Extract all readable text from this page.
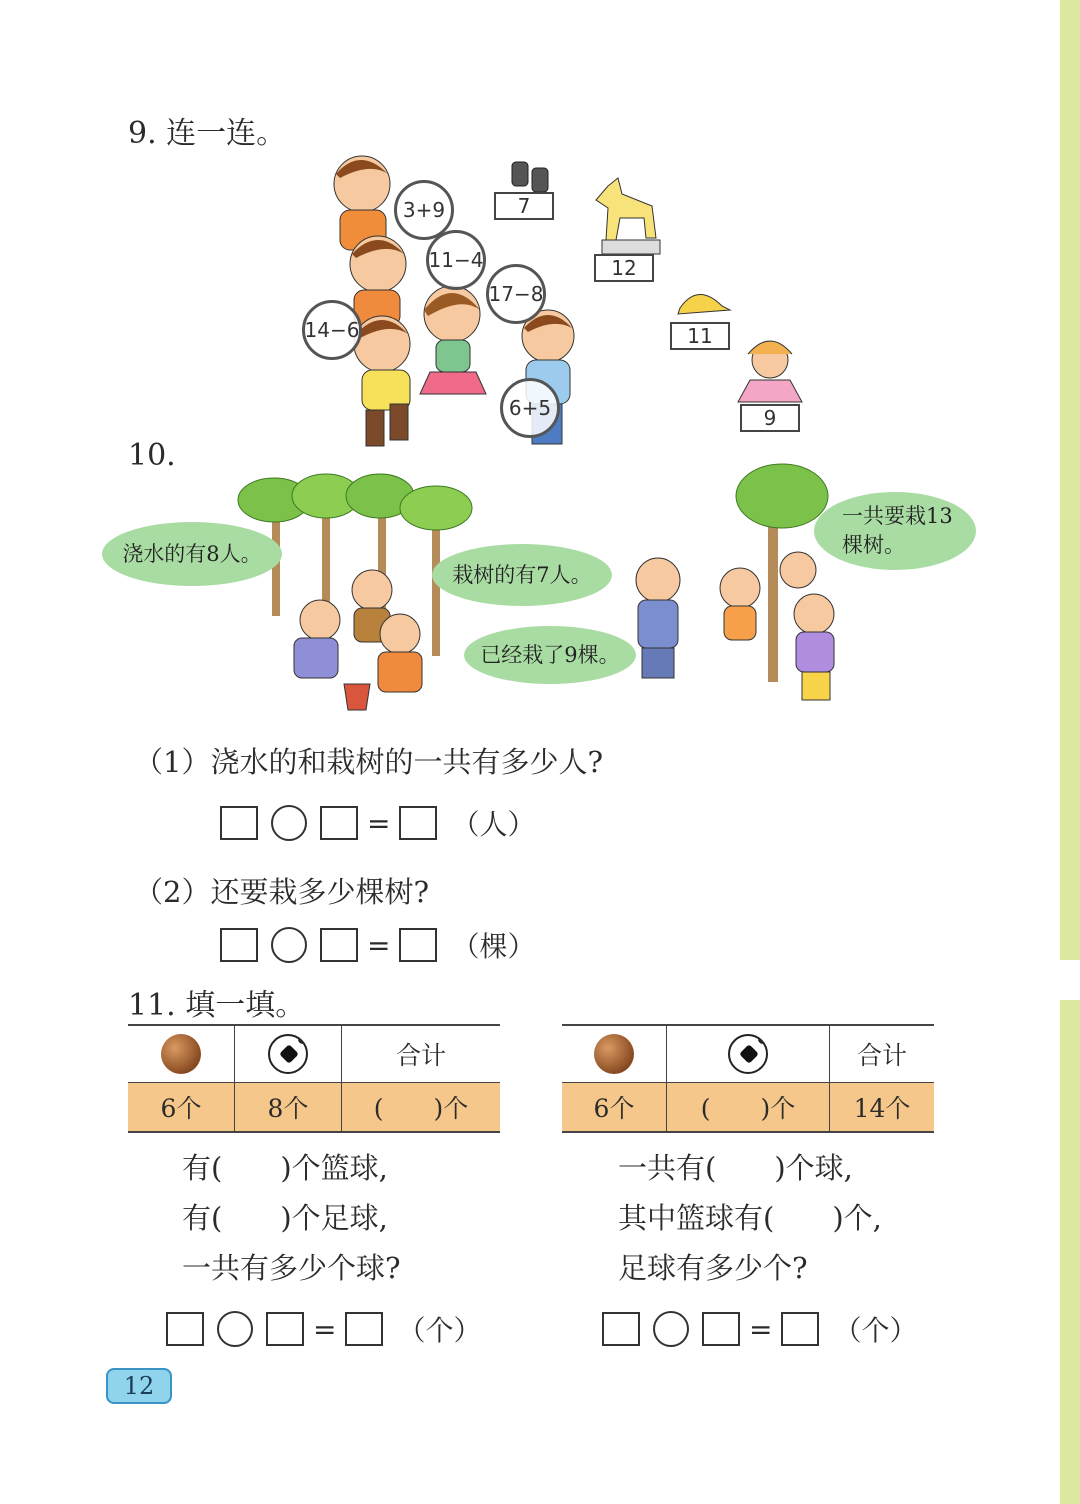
9. 连一连。
3+9
11−4
17−8
14−6
6+5
7
12
11
9
10.
浇水的有8人。
栽树的有7人。
已经栽了9棵。
一共要栽13
棵树。
（1）浇水的和栽树的一共有多少人?
= （人）
（2）还要栽多少棵树?
= （棵）
11. 填一填。
		合计
6个	8个	(　　)个
		合计
6个	(　　)个	14个
有(　　)个篮球,
有(　　)个足球,
一共有多少个球?
一共有(　　)个球,
其中篮球有(　　)个,
足球有多少个?
= （个）	= （个）
12
